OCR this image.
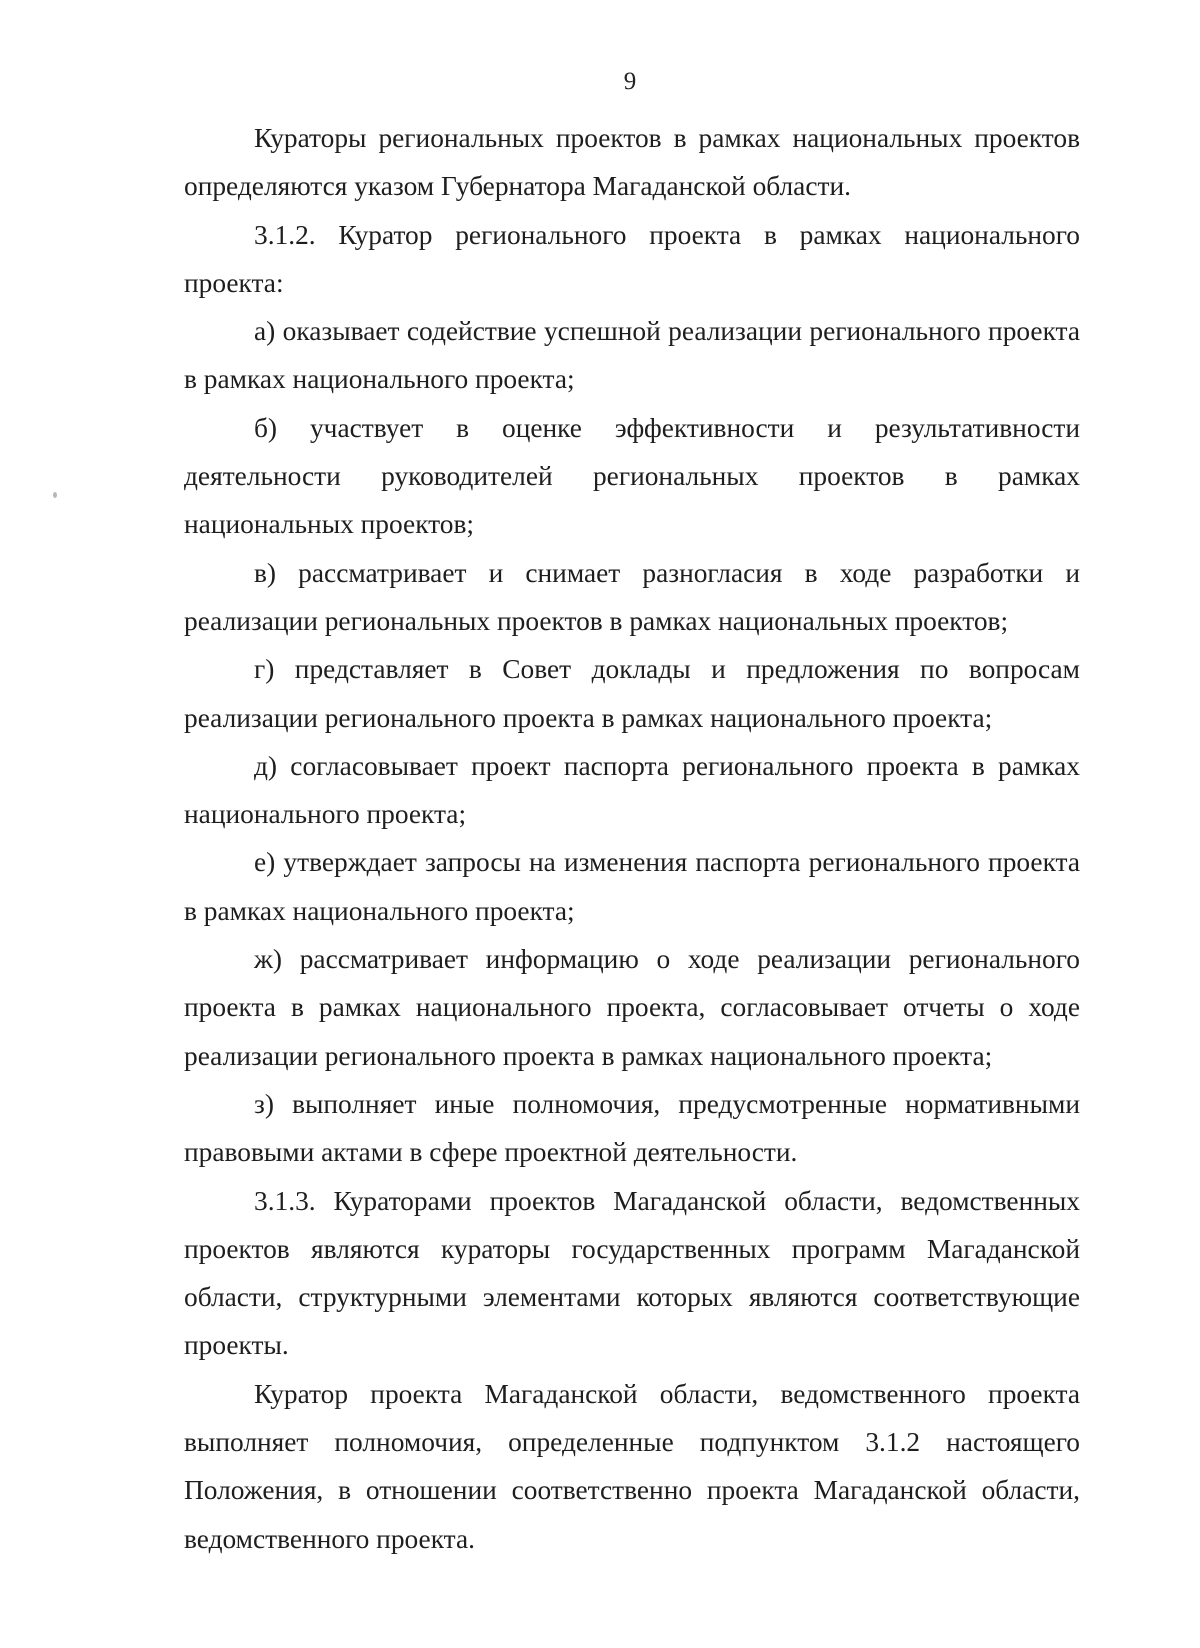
9

Кураторы региональных проектов в рамках национальных проектов определяются указом Губернатора Магаданской области.

3.1.2. Куратор регионального проекта в рамках национального проекта:

а) оказывает содействие успешной реализации регионального проекта в рамках национального проекта;

б) участвует в оценке эффективности и результативности деятельности руководителей региональных проектов в рамках национальных проектов;

в) рассматривает и снимает разногласия в ходе разработки и реализации региональных проектов в рамках национальных проектов;

г) представляет в Совет доклады и предложения по вопросам реализации регионального проекта в рамках национального проекта;

д) согласовывает проект паспорта регионального проекта в рамках национального проекта;

е) утверждает запросы на изменения паспорта регионального проекта в рамках национального проекта;

ж) рассматривает информацию о ходе реализации регионального проекта в рамках национального проекта, согласовывает отчеты о ходе реализации регионального проекта в рамках национального проекта;

з) выполняет иные полномочия, предусмотренные нормативными правовыми актами в сфере проектной деятельности.

3.1.3. Кураторами проектов Магаданской области, ведомственных проектов являются кураторы государственных программ Магаданской области, структурными элементами которых являются соответствующие проекты.

Куратор проекта Магаданской области, ведомственного проекта выполняет полномочия, определенные подпунктом 3.1.2 настоящего Положения, в отношении соответственно проекта Магаданской области, ведомственного проекта.
